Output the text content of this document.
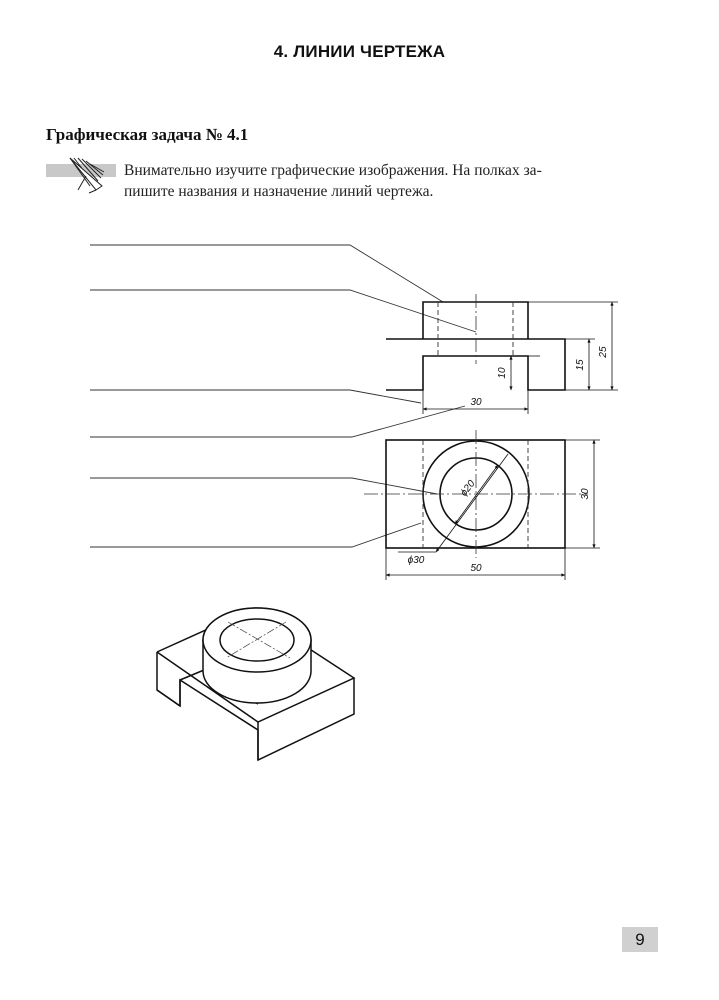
4. ЛИНИИ ЧЕРТЕЖА
Графическая задача № 4.1
Внимательно изучите графические изображения. На полках за-
пишите названия и назначение линий чертежа.
25
15
10
30
ϕ20
ϕ30
30
50
9
